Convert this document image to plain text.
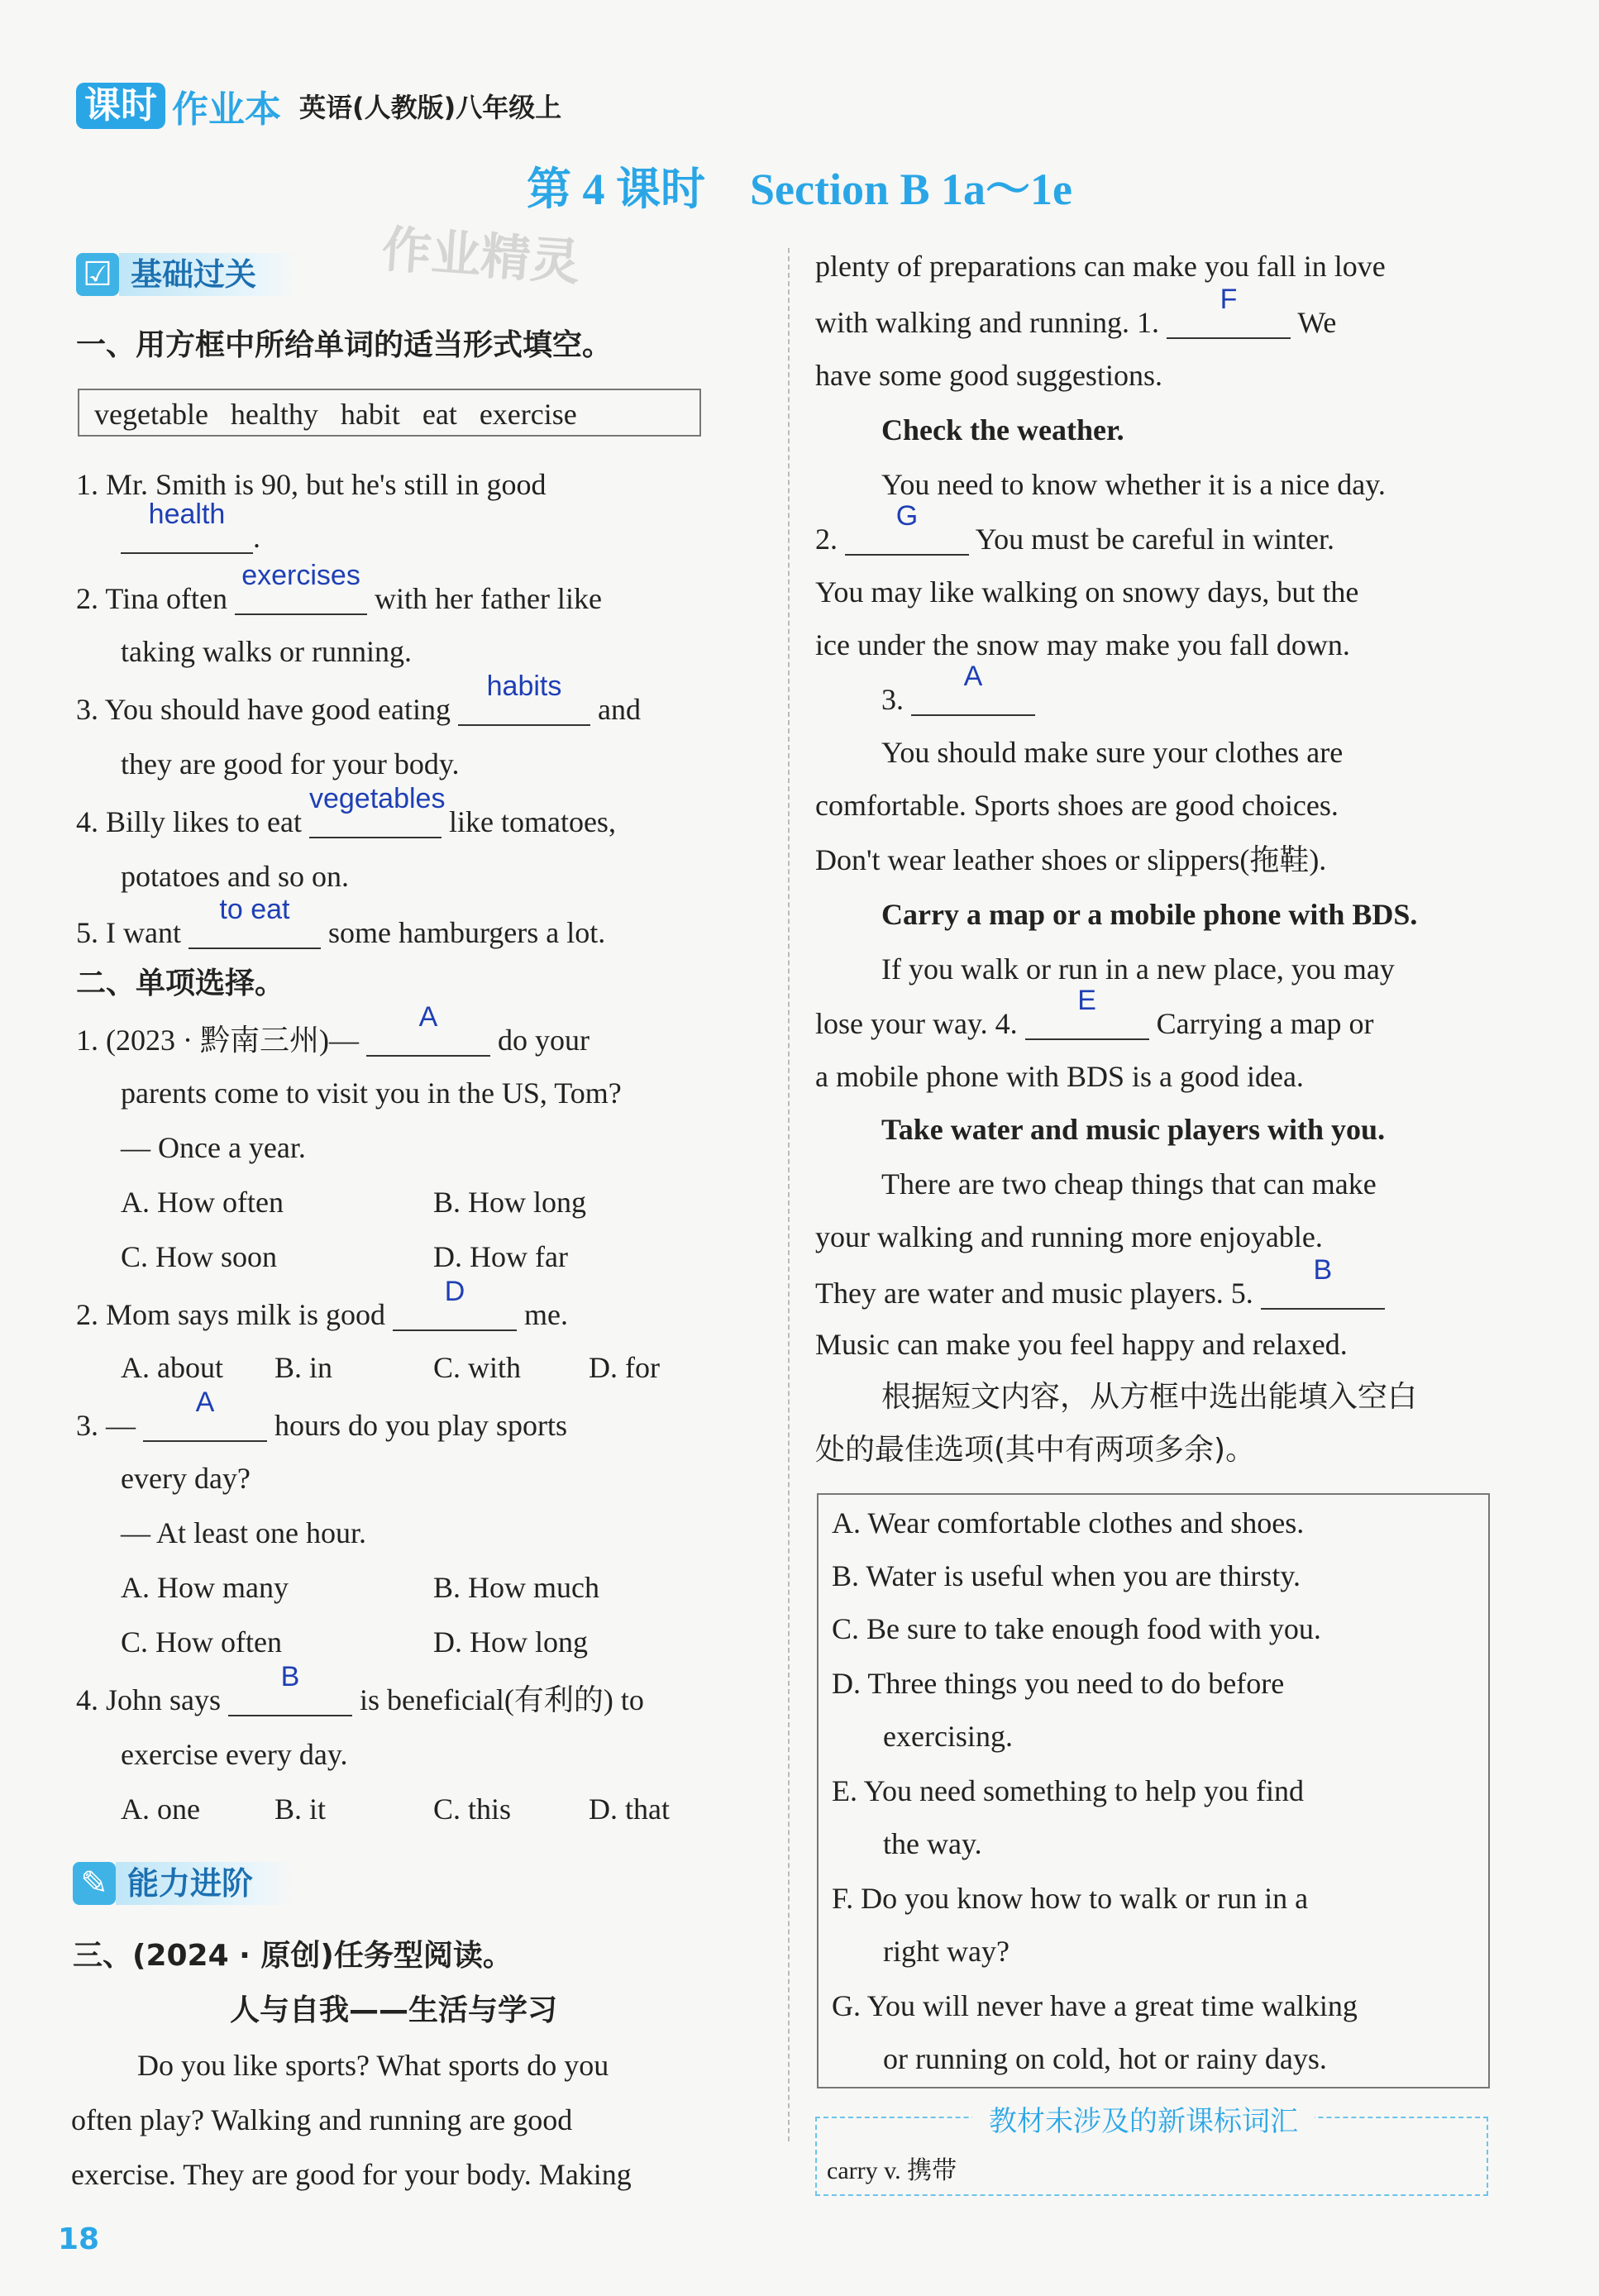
课时 作业本 英语(人教版)八年级上
第 4 课时    Section B 1a～1e
作业精灵
☑ 基础过关
一、用方框中所给单词的适当形式填空。
vegetable   healthy   habit   eat   exercise
1. Mr. Smith is 90, but he's still in good
health
.
2. Tina often
exercises
with her father like
taking walks or running.
3. You should have good eating
habits
and
they are good for your body.
4. Billy likes to eat
vegetables
like tomatoes,
potatoes and so on.
5. I want
to eat
some hamburgers a lot.
二、单项选择。
1. (2023 · 黔南三州)—
A
do your
parents come to visit you in the US, Tom?
— Once a year.
A. How often	B. How long
C. How soon	D. How far
2. Mom says milk is good
D
me.
A. about B. in	C. with D. for
3. —
A
hours do you play sports
every day?
— At least one hour.
A. How many	B. How much
C. How often	D. How long
4. John says
B
is beneficial(有利的) to
exercise every day.
A. one	B. it	C. this	D. that
✎ 能力进阶
三、(2024 · 原创)任务型阅读。
人与自我——生活与学习
Do you like sports? What sports do you
often play? Walking and running are good
exercise. They are good for your body. Making
plenty of preparations can make you fall in love
with walking and running. 1.
F
We
have some good suggestions.
Check the weather.
You need to know whether it is a nice day.
2.
G
You must be careful in winter.
You may like walking on snowy days, but the
ice under the snow may make you fall down.
3.
A
You should make sure your clothes are
comfortable. Sports shoes are good choices.
Don't wear leather shoes or slippers(拖鞋).
Carry a map or a mobile phone with BDS.
If you walk or run in a new place, you may
lose your way. 4.
E
Carrying a map or
a mobile phone with BDS is a good idea.
Take water and music players with you.
There are two cheap things that can make
your walking and running more enjoyable.
They are water and music players. 5.
B
Music can make you feel happy and relaxed.
根据短文内容，从方框中选出能填入空白
处的最佳选项(其中有两项多余)。
A. Wear comfortable clothes and shoes.
B. Water is useful when you are thirsty.
C. Be sure to take enough food with you.
D. Three things you need to do before
exercising.
E. You need something to help you find
the way.
F. Do you know how to walk or run in a
right way?
G. You will never have a great time walking
or running on cold, hot or rainy days.
教材未涉及的新课标词汇
carry v. 携带
18
